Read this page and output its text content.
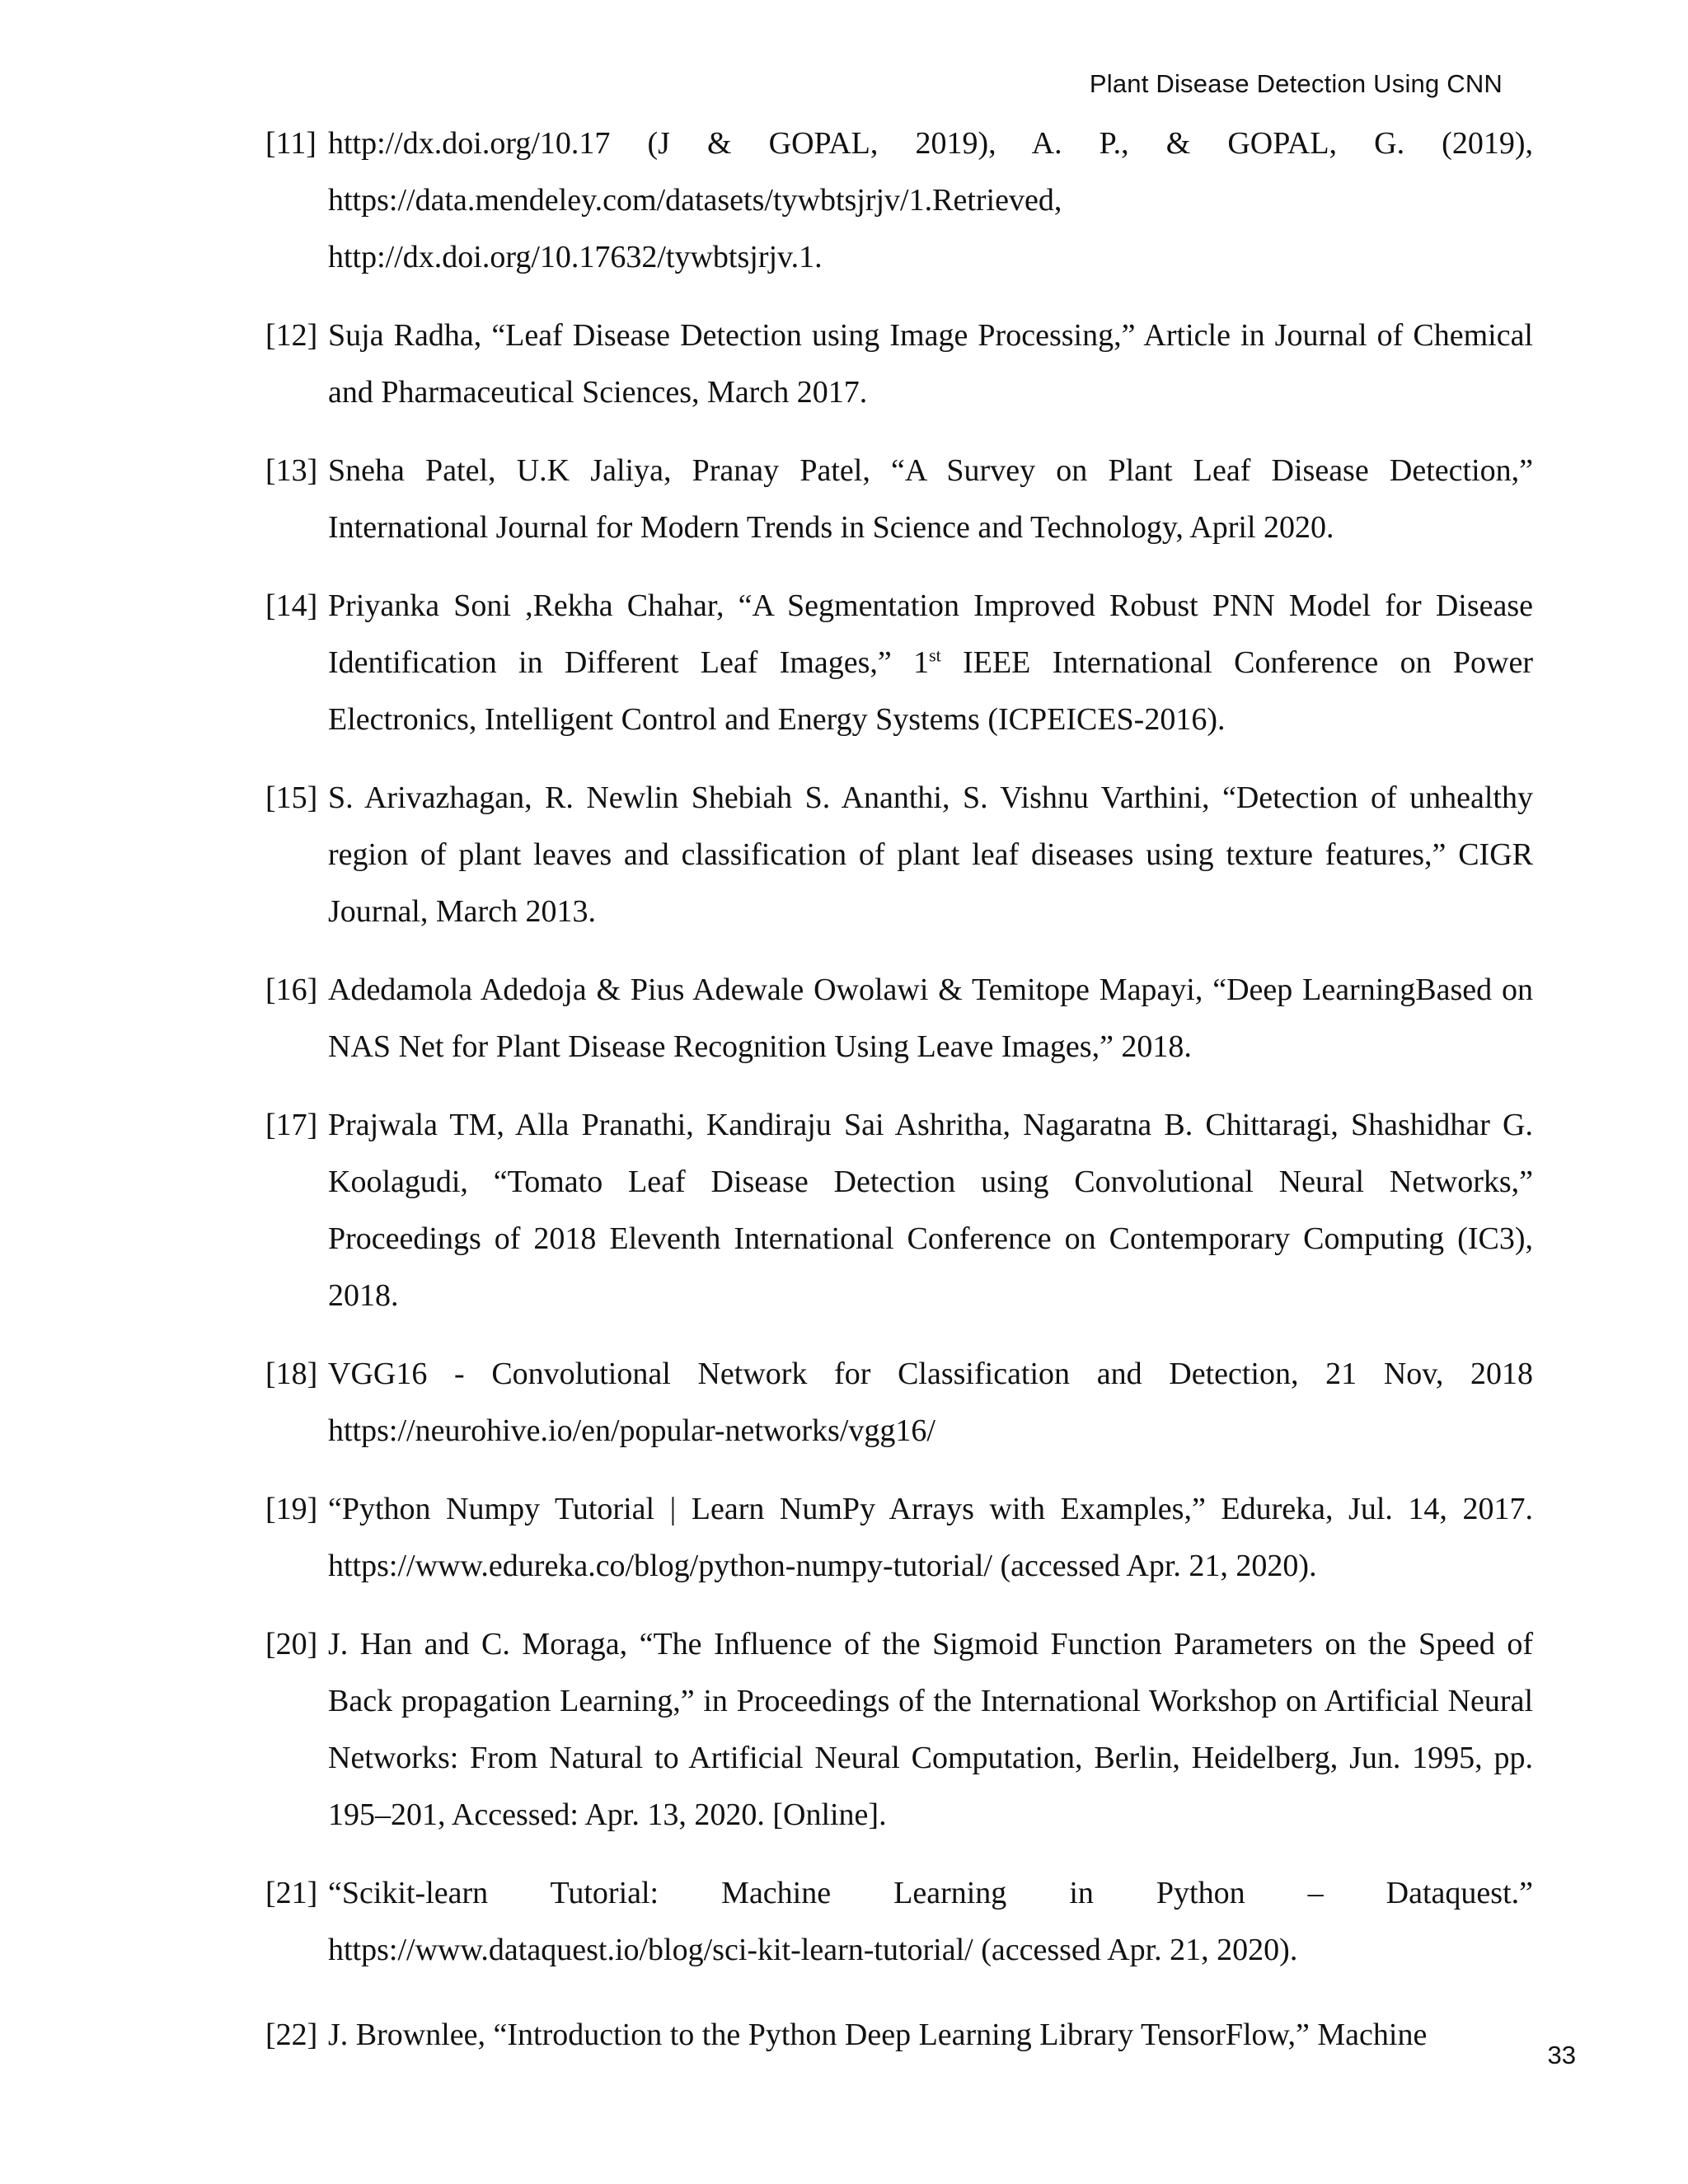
Plant Disease Detection Using CNN
[11] http://dx.doi.org/10.17 (J & GOPAL, 2019), A. P., & GOPAL, G. (2019), https://data.mendeley.com/datasets/tywbtsjrjv/1.Retrieved, http://dx.doi.org/10.17632/tywbtsjrjv.1.
[12] Suja Radha, “Leaf Disease Detection using Image Processing,” Article in Journal of Chemical and Pharmaceutical Sciences, March 2017.
[13] Sneha Patel, U.K Jaliya, Pranay Patel, “A Survey on Plant Leaf Disease Detection,” International Journal for Modern Trends in Science and Technology, April 2020.
[14] Priyanka Soni ,Rekha Chahar, “A Segmentation Improved Robust PNN Model for Disease Identification in Different Leaf Images,” 1st IEEE International Conference on Power Electronics, Intelligent Control and Energy Systems (ICPEICES-2016).
[15] S. Arivazhagan, R. Newlin Shebiah S. Ananthi, S. Vishnu Varthini, “Detection of unhealthy region of plant leaves and classification of plant leaf diseases using texture features,” CIGR Journal, March 2013.
[16] Adedamola Adedoja & Pius Adewale Owolawi & Temitope Mapayi, “Deep LearningBased on NAS Net for Plant Disease Recognition Using Leave Images,” 2018.
[17] Prajwala TM, Alla Pranathi, Kandiraju Sai Ashritha, Nagaratna B. Chittaragi, Shashidhar G. Koolagudi, “Tomato Leaf Disease Detection using Convolutional Neural Networks,” Proceedings of 2018 Eleventh International Conference on Contemporary Computing (IC3), 2018.
[18] VGG16 - Convolutional Network for Classification and Detection, 21 Nov, 2018 https://neurohive.io/en/popular-networks/vgg16/
[19] “Python Numpy Tutorial | Learn NumPy Arrays with Examples,” Edureka, Jul. 14, 2017. https://www.edureka.co/blog/python-numpy-tutorial/ (accessed Apr. 21, 2020).
[20] J. Han and C. Moraga, “The Influence of the Sigmoid Function Parameters on the Speed of Back propagation Learning,” in Proceedings of the International Workshop on Artificial Neural Networks: From Natural to Artificial Neural Computation, Berlin, Heidelberg, Jun. 1995, pp. 195–201, Accessed: Apr. 13, 2020. [Online].
[21] “Scikit-learn Tutorial: Machine Learning in Python – Dataquest.” https://www.dataquest.io/blog/sci-kit-learn-tutorial/ (accessed Apr. 21, 2020).
[22] J. Brownlee, “Introduction to the Python Deep Learning Library TensorFlow,” Machine
33
